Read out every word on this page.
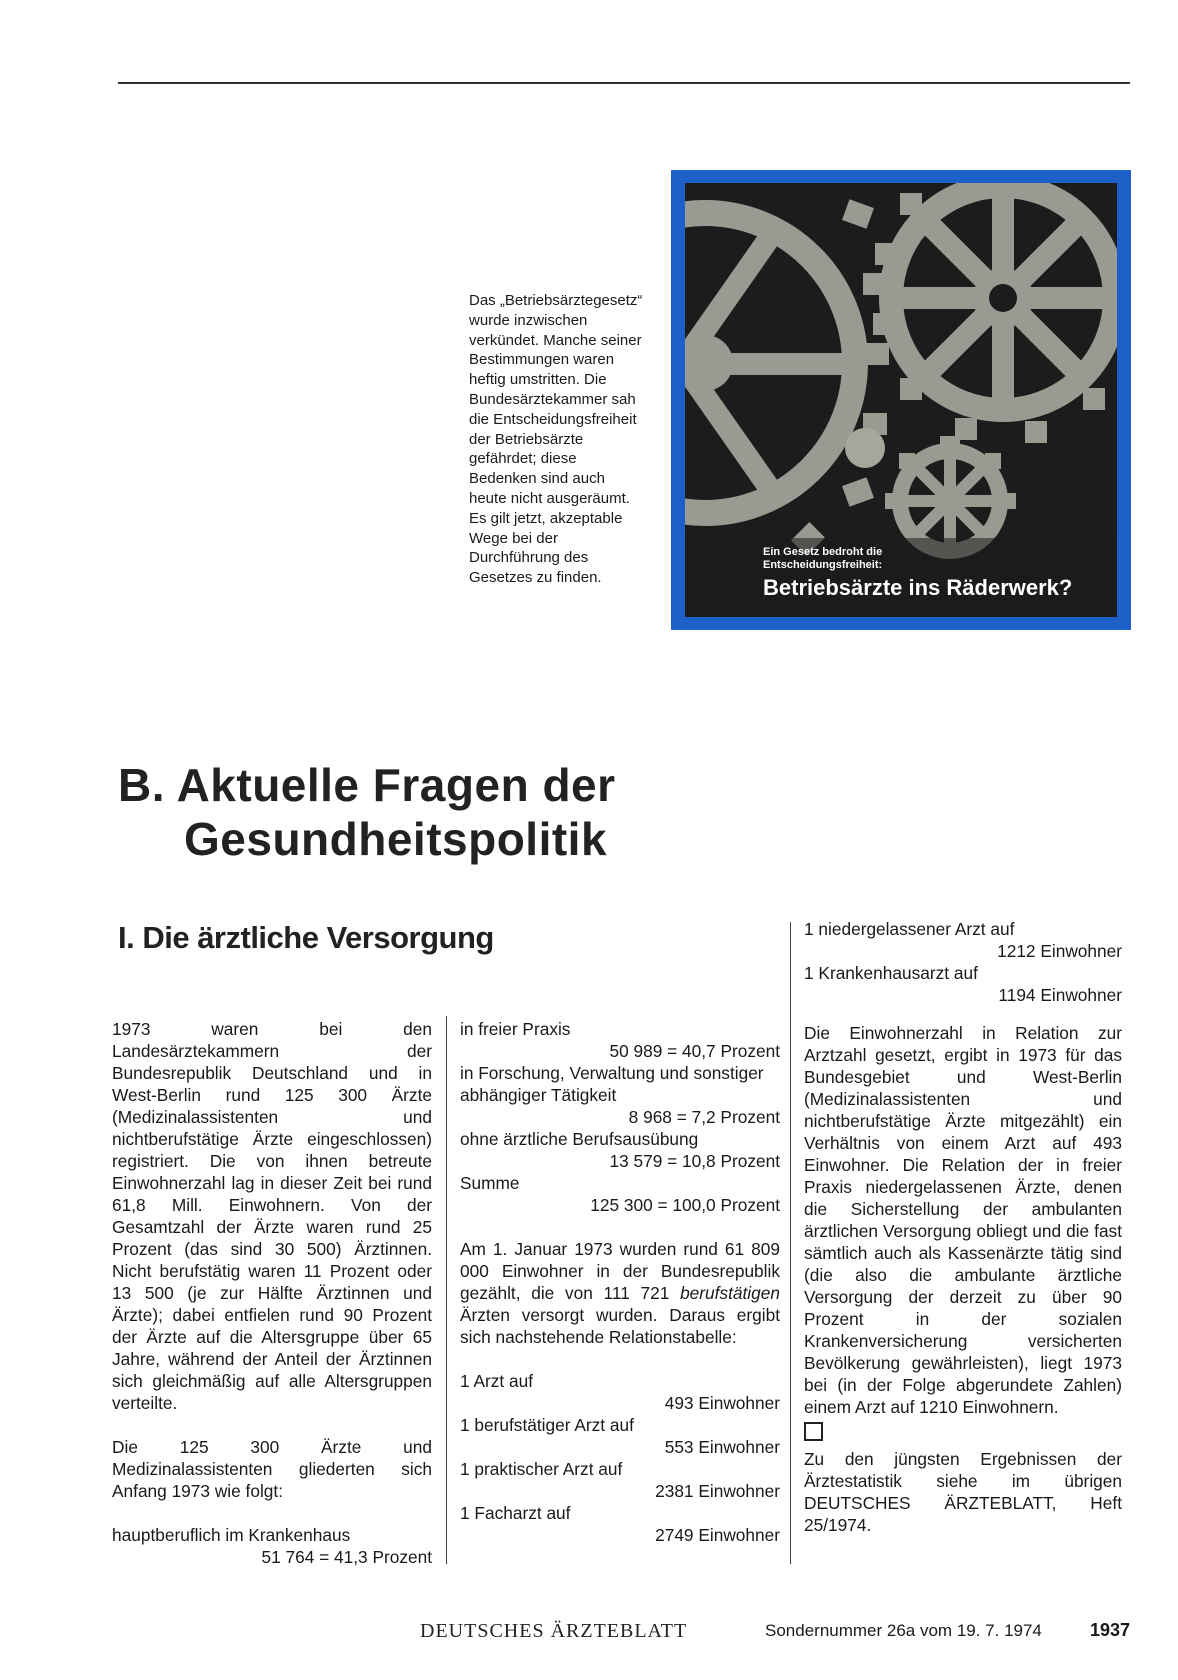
Das „Betriebsärztegesetz“ wurde inzwischen verkündet. Manche seiner Bestimmungen waren heftig umstritten. Die Bundesärztekammer sah die Entscheidungsfreiheit der Betriebsärzte gefährdet; diese Bedenken sind auch heute nicht ausgeräumt. Es gilt jetzt, akzeptable Wege bei der Durchführung des Gesetzes zu finden.

Ein Gesetz bedroht die
Entscheidungsfreiheit:
Betriebsärzte ins Räderwerk?
B. Aktuelle Fragen der
Gesundheitspolitik
I. Die ärztliche Versorgung

1973 waren bei den Landesärztekammern der Bundesrepublik Deutschland und in West-Berlin rund 125 300 Ärzte (Medizinalassistenten und nichtberufstätige Ärzte eingeschlossen) registriert. Die von ihnen betreute Einwohnerzahl lag in dieser Zeit bei rund 61,8 Mill. Einwohnern. Von der Gesamtzahl der Ärzte waren rund 25 Prozent (das sind 30 500) Ärztinnen. Nicht berufstätig waren 11 Prozent oder 13 500 (je zur Hälfte Ärztinnen und Ärzte); dabei entfielen rund 90 Prozent der Ärzte auf die Altersgruppe über 65 Jahre, während der Anteil der Ärztinnen sich gleichmäßig auf alle Altersgruppen verteilte.

Die 125 300 Ärzte und Medizinalassistenten gliederten sich Anfang 1973 wie folgt:

hauptberuflich im Krankenhaus

51 764 = 41,3 Prozent

in freier Praxis

50 989 = 40,7 Prozent

in Forschung, Verwaltung und sonstiger abhängiger Tätigkeit

8 968 = 7,2 Prozent

ohne ärztliche Berufsausübung

13 579 = 10,8 Prozent

Summe

125 300 = 100,0 Prozent

Am 1. Januar 1973 wurden rund 61 809 000 Einwohner in der Bundesrepublik gezählt, die von 111 721 berufstätigen Ärzten versorgt wurden. Daraus ergibt sich nachstehende Relationstabelle:

1 Arzt auf

493 Einwohner

1 berufstätiger Arzt auf

553 Einwohner

1 praktischer Arzt auf

2381 Einwohner

1 Facharzt auf

2749 Einwohner

1 niedergelassener Arzt auf

1212 Einwohner

1 Krankenhausarzt auf

1194 Einwohner

Die Einwohnerzahl in Relation zur Arztzahl gesetzt, ergibt in 1973 für das Bundesgebiet und West-Berlin (Medizinalassistenten und nichtberufstätige Ärzte mitgezählt) ein Verhältnis von einem Arzt auf 493 Einwohner. Die Relation der in freier Praxis niedergelassenen Ärzte, denen die Sicherstellung der ambulanten ärztlichen Versorgung obliegt und die fast sämtlich auch als Kassenärzte tätig sind (die also die ambulante ärztliche Versorgung der derzeit zu über 90 Prozent in der sozialen Krankenversicherung versicherten Bevölkerung gewährleisten), liegt 1973 bei (in der Folge abgerundete Zahlen) einem Arzt auf 1210 Einwohnern.

Zu den jüngsten Ergebnissen der Ärztestatistik siehe im übrigen DEUTSCHES ÄRZTEBLATT, Heft 25/1974.

DEUTSCHES ÄRZTEBLATT	Sondernummer 26a vom 19. 7. 1974	1937
